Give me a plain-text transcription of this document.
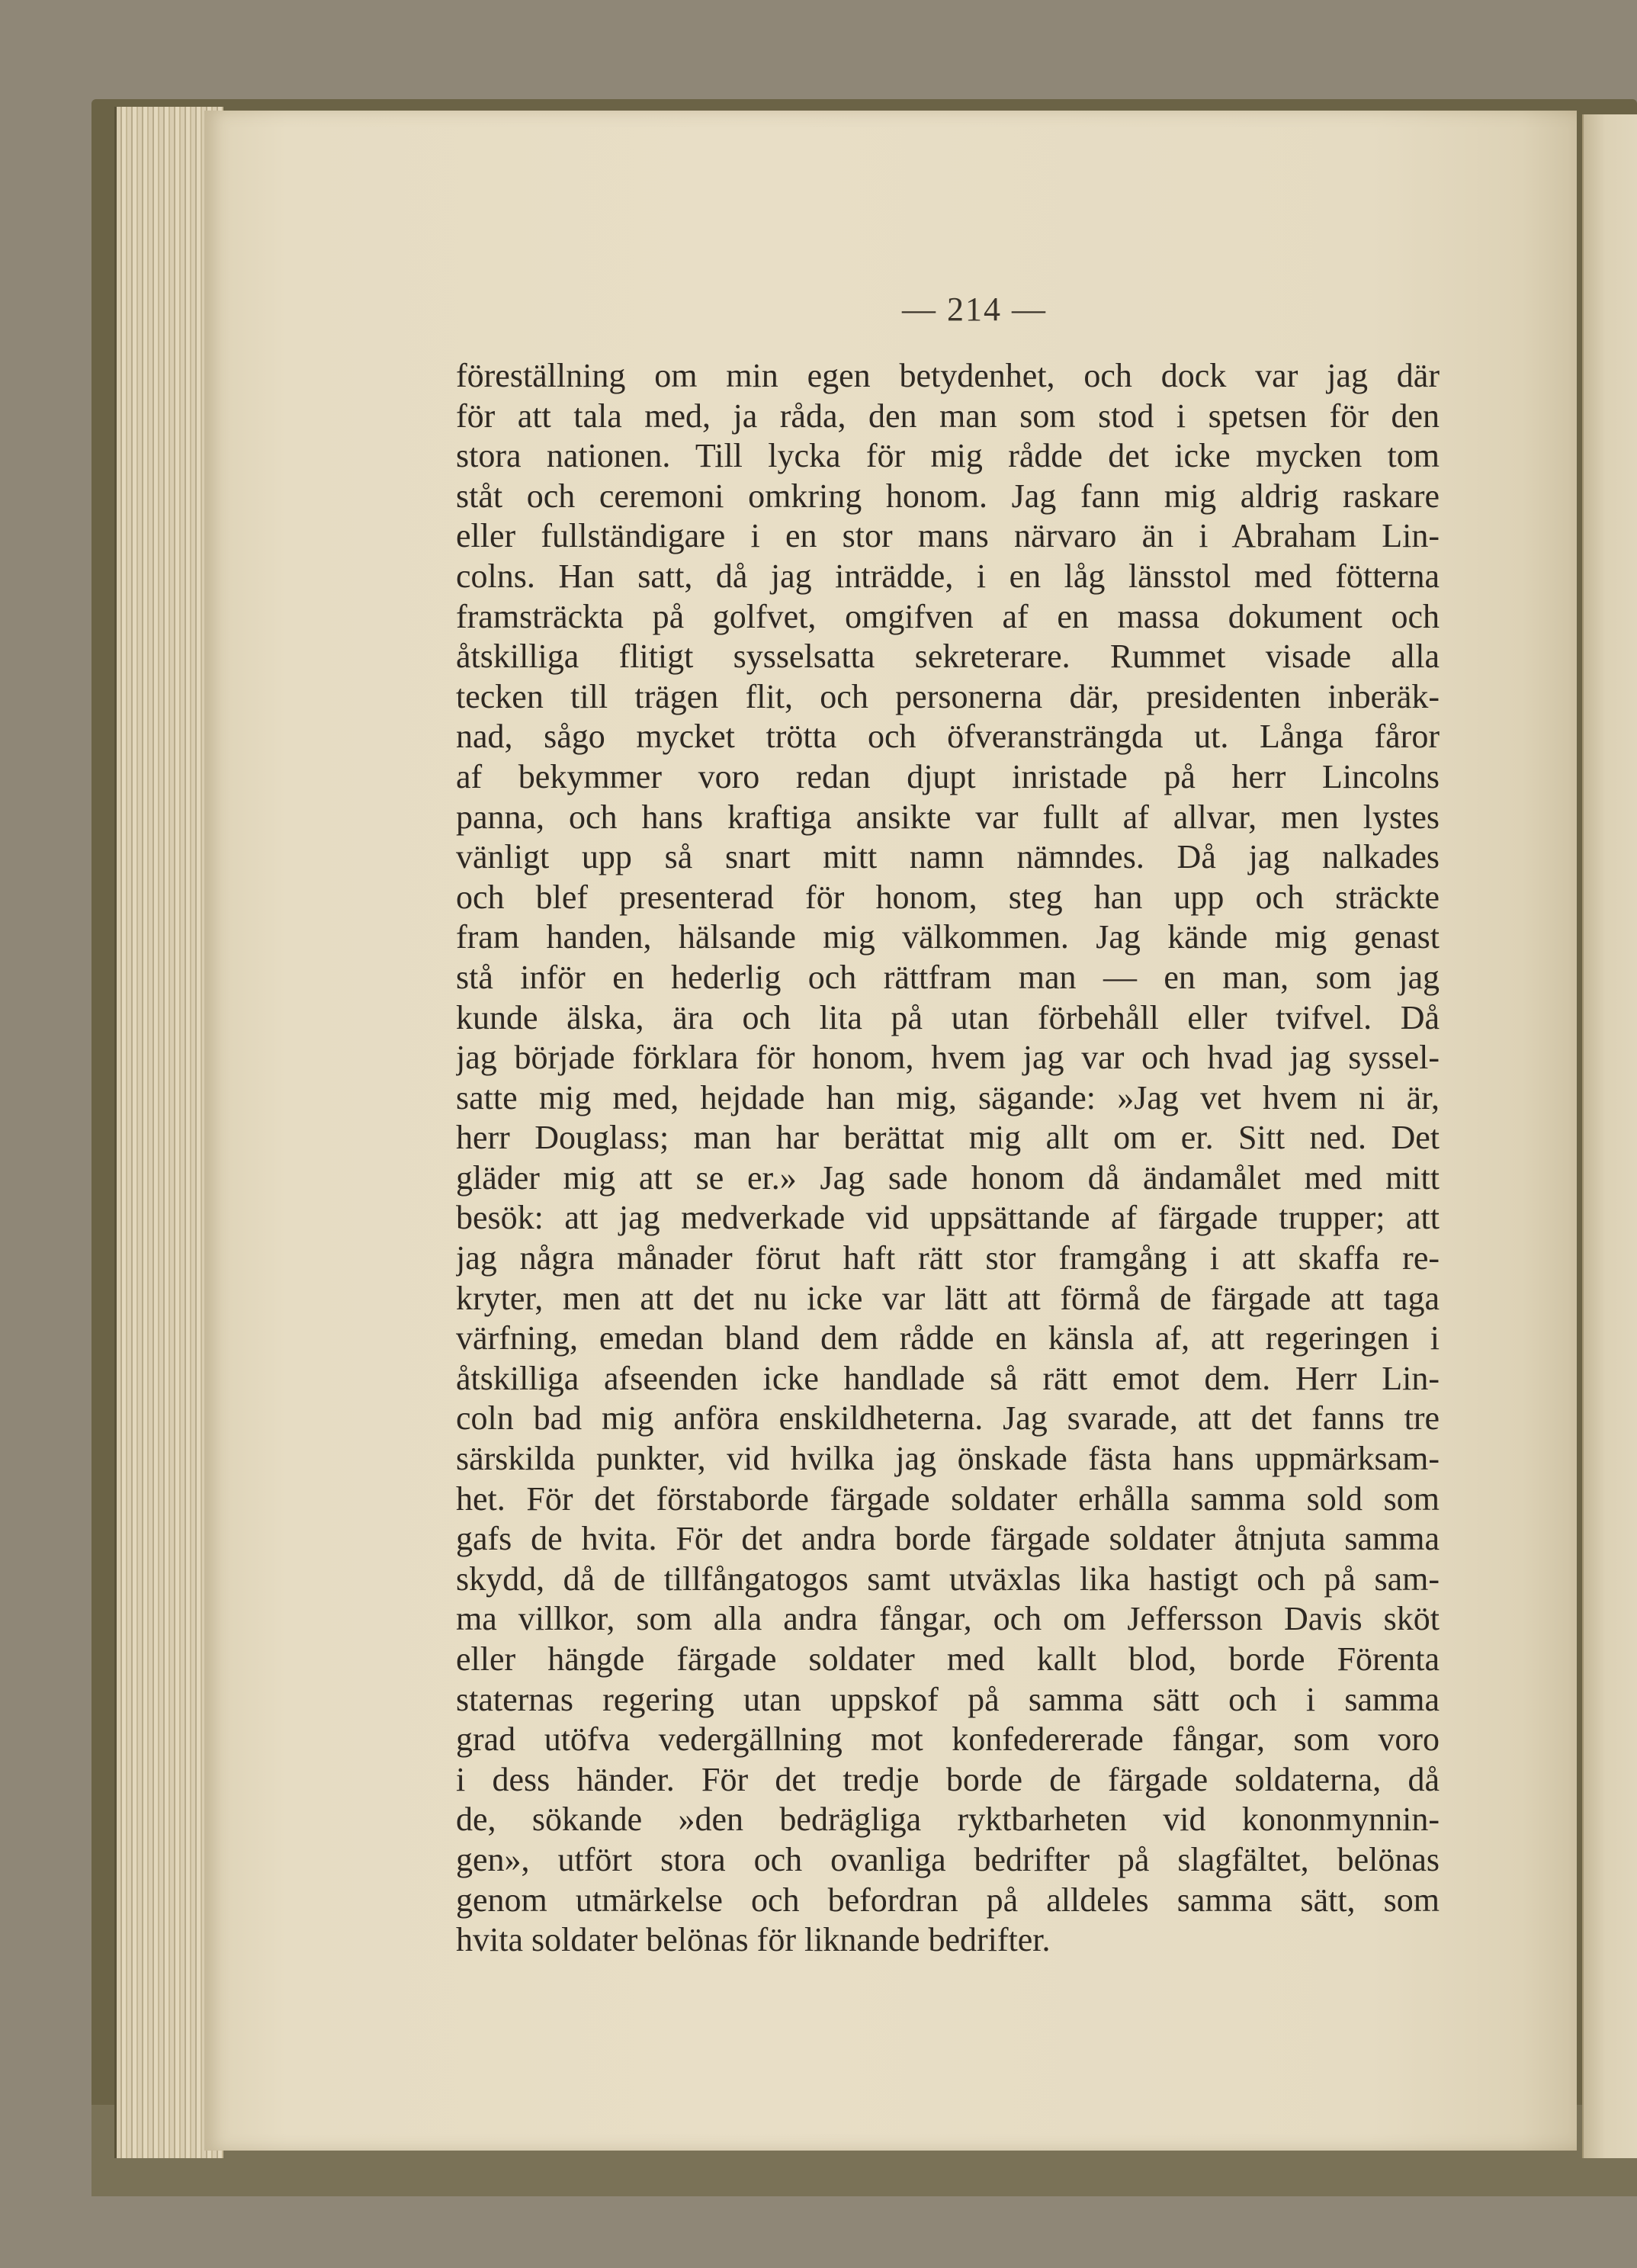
— 214 —
föreställning om min egen betydenhet, och dock var jag där
för att tala med, ja råda, den man som stod i spetsen för den
stora nationen. Till lycka för mig rådde det icke mycken tom
ståt och ceremoni omkring honom. Jag fann mig aldrig raskare
eller fullständigare i en stor mans närvaro än i Abraham Lin-
colns. Han satt, då jag inträdde, i en låg länsstol med fötterna
framsträckta på golfvet, omgifven af en massa dokument och
åtskilliga flitigt sysselsatta sekreterare. Rummet visade alla
tecken till trägen flit, och personerna där, presidenten inberäk-
nad, sågo mycket trötta och öfveransträngda ut. Långa fåror
af bekymmer voro redan djupt inristade på herr Lincolns
panna, och hans kraftiga ansikte var fullt af allvar, men lystes
vänligt upp så snart mitt namn nämndes. Då jag nalkades
och blef presenterad för honom, steg han upp och sträckte
fram handen, hälsande mig välkommen. Jag kände mig genast
stå inför en hederlig och rättfram man — en man, som jag
kunde älska, ära och lita på utan förbehåll eller tvifvel. Då
jag började förklara för honom, hvem jag var och hvad jag syssel-
satte mig med, hejdade han mig, sägande: »Jag vet hvem ni är,
herr Douglass; man har berättat mig allt om er. Sitt ned. Det
gläder mig att se er.» Jag sade honom då ändamålet med mitt
besök: att jag medverkade vid uppsättande af färgade trupper; att
jag några månader förut haft rätt stor framgång i att skaffa re-
kryter, men att det nu icke var lätt att förmå de färgade att taga
värfning, emedan bland dem rådde en känsla af, att regeringen i
åtskilliga afseenden icke handlade så rätt emot dem. Herr Lin-
coln bad mig anföra enskildheterna. Jag svarade, att det fanns tre
särskilda punkter, vid hvilka jag önskade fästa hans uppmärksam-
het. För det förstaborde färgade soldater erhålla samma sold som
gafs de hvita. För det andra borde färgade soldater åtnjuta samma
skydd, då de tillfångatogos samt utväxlas lika hastigt och på sam-
ma villkor, som alla andra fångar, och om Jeffersson Davis sköt
eller hängde färgade soldater med kallt blod, borde Förenta
staternas regering utan uppskof på samma sätt och i samma
grad utöfva vedergällning mot konfedererade fångar, som voro
i dess händer. För det tredje borde de färgade soldaterna, då
de, sökande »den bedrägliga ryktbarheten vid kononmynnin-
gen», utfört stora och ovanliga bedrifter på slagfältet, belönas
genom utmärkelse och befordran på alldeles samma sätt, som
hvita soldater belönas för liknande bedrifter.
